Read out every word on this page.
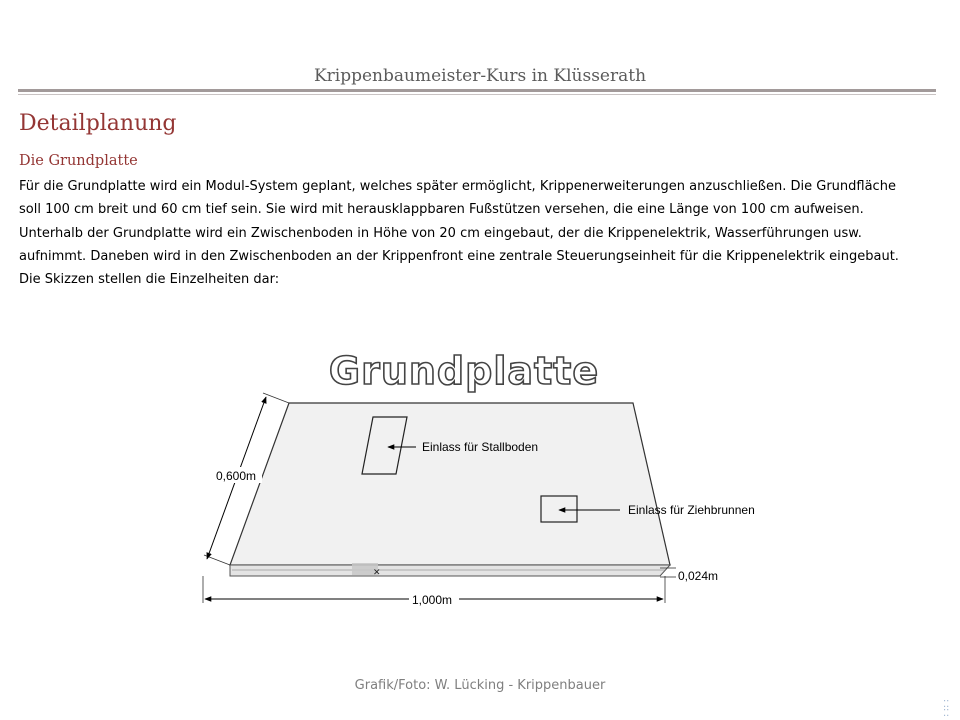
Krippenbaumeister-Kurs in Klüsserath
Detailplanung
Die Grundplatte
Für die Grundplatte wird ein Modul-System geplant, welches später ermöglicht, Krippenerweiterungen anzuschließen. Die Grundfläche
soll 100 cm breit und 60 cm tief sein. Sie wird mit herausklappbaren Fußstützen versehen, die eine Länge von 100 cm aufweisen.
Unterhalb der Grundplatte wird ein Zwischenboden in Höhe von 20 cm eingebaut, der die Krippenelektrik, Wasserführungen usw.
aufnimmt. Daneben wird in den Zwischenboden an der Krippenfront eine zentrale Steuerungseinheit für die Krippenelektrik eingebaut.
Die Skizzen stellen die Einzelheiten dar:
Grundplatte
Einlass für Stallboden
Einlass für Ziehbrunnen
0,600m
1,000m
0,024m
✕
Grafik/Foto: W. Lücking - Krippenbauer
⁚⁚
⁚⁚
